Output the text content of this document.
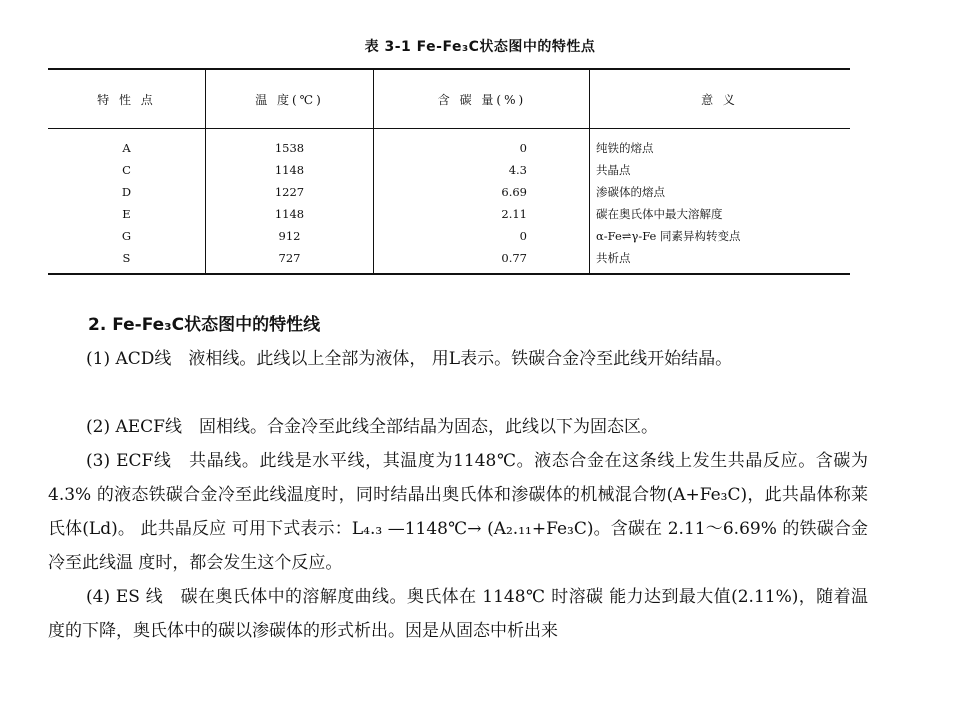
表 3-1 Fe-Fe₃C状态图中的特性点
特 性 点	温 度(℃)	含 碳 量(%)	意 义
A	1538	0	纯铁的熔点
C	1148	4.3	共晶点
D	1227	6.69	渗碳体的熔点
E	1148	2.11	碳在奥氏体中最大溶解度
G	912	0	α-Fe⇌γ-Fe 同素异构转变点
S	727	0.77	共析点
2. Fe-Fe₃C状态图中的特性线

(1) ACD线　液相线。此线以上全部为液体， 用L表示。铁碳合金冷至此线开始结晶。

(2) AECF线　固相线。合金冷至此线全部结晶为固态，此线以下为固态区。

(3) ECF线　共晶线。此线是水平线，其温度为1148℃。液态合金在这条线上发生共晶反应。含碳为 4.3% 的液态铁碳合金冷至此线温度时，同时结晶出奥氏体和渗碳体的机械混合物(A+Fe₃C)，此共晶体称莱氏体(Ld)。 此共晶反应 可用下式表示：L₄.₃ —1148℃→ (A₂.₁₁+Fe₃C)。含碳在 2.11～6.69% 的铁碳合金冷至此线温 度时，都会发生这个反应。

(4) ES 线　碳在奥氏体中的溶解度曲线。奥氏体在 1148℃ 时溶碳 能力达到最大值(2.11%)，随着温度的下降，奥氏体中的碳以渗碳体的形式析出。因是从固态中析出来
